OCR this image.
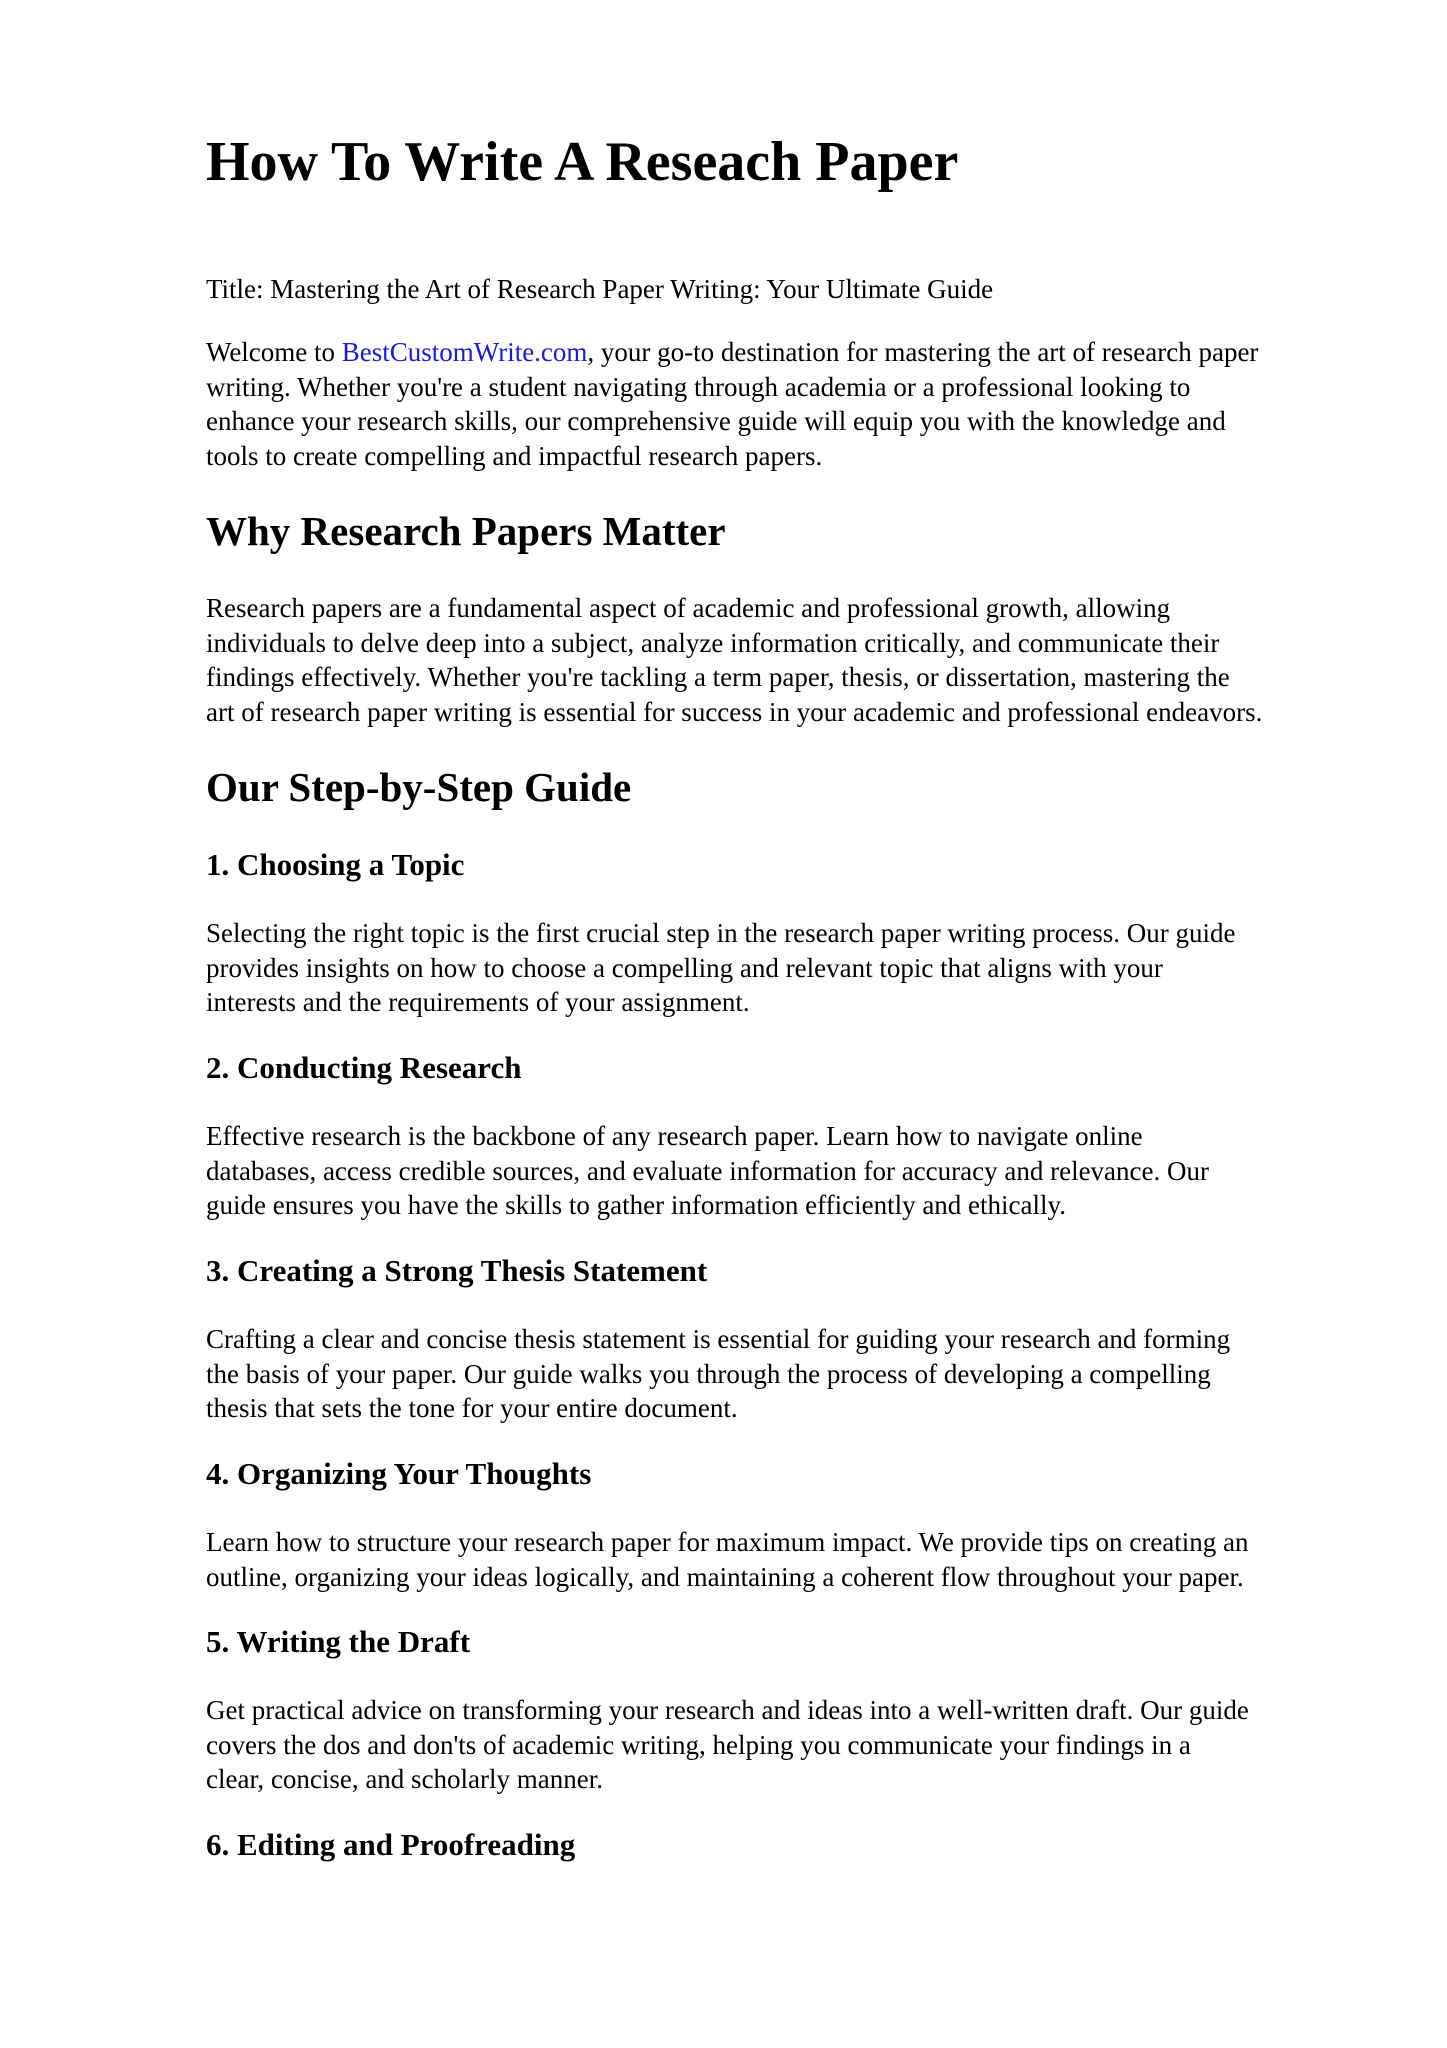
How To Write A Reseach Paper

Title: Mastering the Art of Research Paper Writing: Your Ultimate Guide

Welcome to BestCustomWrite.com, your go-to destination for mastering the art of research paper
writing. Whether you're a student navigating through academia or a professional looking to
enhance your research skills, our comprehensive guide will equip you with the knowledge and
tools to create compelling and impactful research papers.

Why Research Papers Matter

Research papers are a fundamental aspect of academic and professional growth, allowing
individuals to delve deep into a subject, analyze information critically, and communicate their
findings effectively. Whether you're tackling a term paper, thesis, or dissertation, mastering the
art of research paper writing is essential for success in your academic and professional endeavors.

Our Step-by-Step Guide
1. Choosing a Topic

Selecting the right topic is the first crucial step in the research paper writing process. Our guide
provides insights on how to choose a compelling and relevant topic that aligns with your
interests and the requirements of your assignment.

2. Conducting Research

Effective research is the backbone of any research paper. Learn how to navigate online
databases, access credible sources, and evaluate information for accuracy and relevance. Our
guide ensures you have the skills to gather information efficiently and ethically.

3. Creating a Strong Thesis Statement

Crafting a clear and concise thesis statement is essential for guiding your research and forming
the basis of your paper. Our guide walks you through the process of developing a compelling
thesis that sets the tone for your entire document.

4. Organizing Your Thoughts

Learn how to structure your research paper for maximum impact. We provide tips on creating an
outline, organizing your ideas logically, and maintaining a coherent flow throughout your paper.

5. Writing the Draft

Get practical advice on transforming your research and ideas into a well-written draft. Our guide
covers the dos and don'ts of academic writing, helping you communicate your findings in a
clear, concise, and scholarly manner.

6. Editing and Proofreading
